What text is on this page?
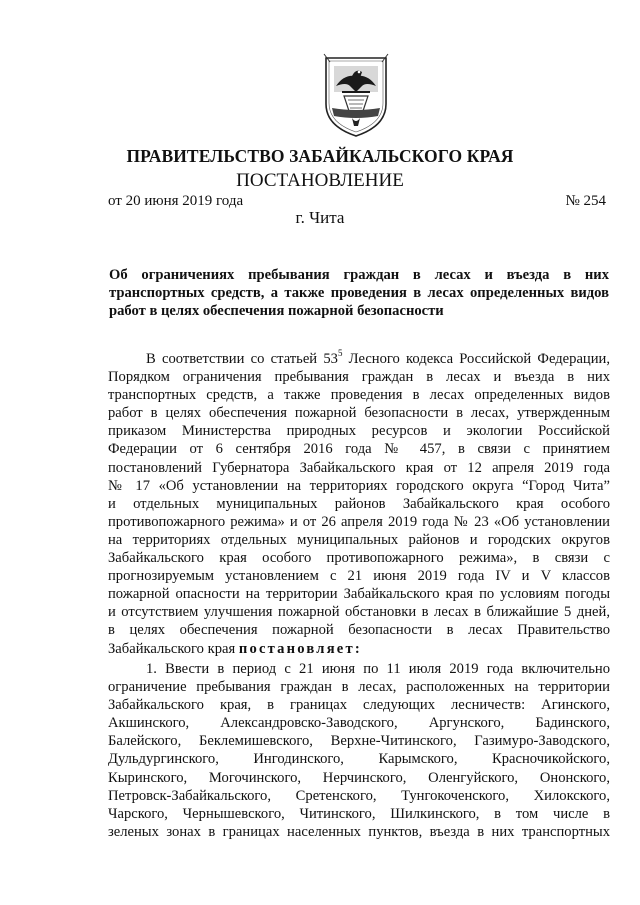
ПРАВИТЕЛЬСТВО ЗАБАЙКАЛЬСКОГО КРАЯ
ПОСТАНОВЛЕНИЕ
от 20 июня 2019 года	№ 254
г. Чита
Об ограничениях пребывания граждан в лесах и въезда в них транспортных средств, а также проведения в лесах определенных видов работ в целях обеспечения пожарной безопасности
В соответствии со статьей $53^5$ Лесного кодекса Российской Федерации,
Порядком ограничения пребывания граждан в лесах и въезда в них
транспортных средств, а также проведения в лесах определенных видов
работ в целях обеспечения пожарной безопасности в лесах, утвержденным
приказом Министерства природных ресурсов и экологии Российской
Федерации от 6 сентября 2016 года № 457, в связи с принятием
постановлений Губернатора Забайкальского края от 12 апреля 2019 года
№ 17 «Об установлении на территориях городского округа “Город Чита”
и отдельных муниципальных районов Забайкальского края особого
противопожарного режима» и от 26 апреля 2019 года № 23 «Об установлении
на территориях отдельных муниципальных районов и городских округов
Забайкальского края особого противопожарного режима», в связи с
прогнозируемым установлением с 21 июня 2019 года IV и V классов
пожарной опасности на территории Забайкальского края по условиям погоды
и отсутствием улучшения пожарной обстановки в лесах в ближайшие 5 дней,
в целях обеспечения пожарной безопасности в лесах Правительство
Забайкальского края постановляет:
1. Ввести в период с 21 июня по 11 июля 2019 года включительно
ограничение пребывания граждан в лесах, расположенных на территории
Забайкальского края, в границах следующих лесничеств: Агинского,
Акшинского, Александровско-Заводского, Аргунского, Бадинского,
Балейского, Беклемишевского, Верхне-Читинского, Газимуро-Заводского,
Дульдургинского, Ингодинского, Карымского, Красночикойского,
Кыринского, Могочинского, Нерчинского, Оленгуйского, Ононского,
Петровск-Забайкальского, Сретенского, Тунгокоченского, Хилокского,
Чарского, Чернышевского, Читинского, Шилкинского, в том числе в
зеленых зонах в границах населенных пунктов, въезда в них транспортных
